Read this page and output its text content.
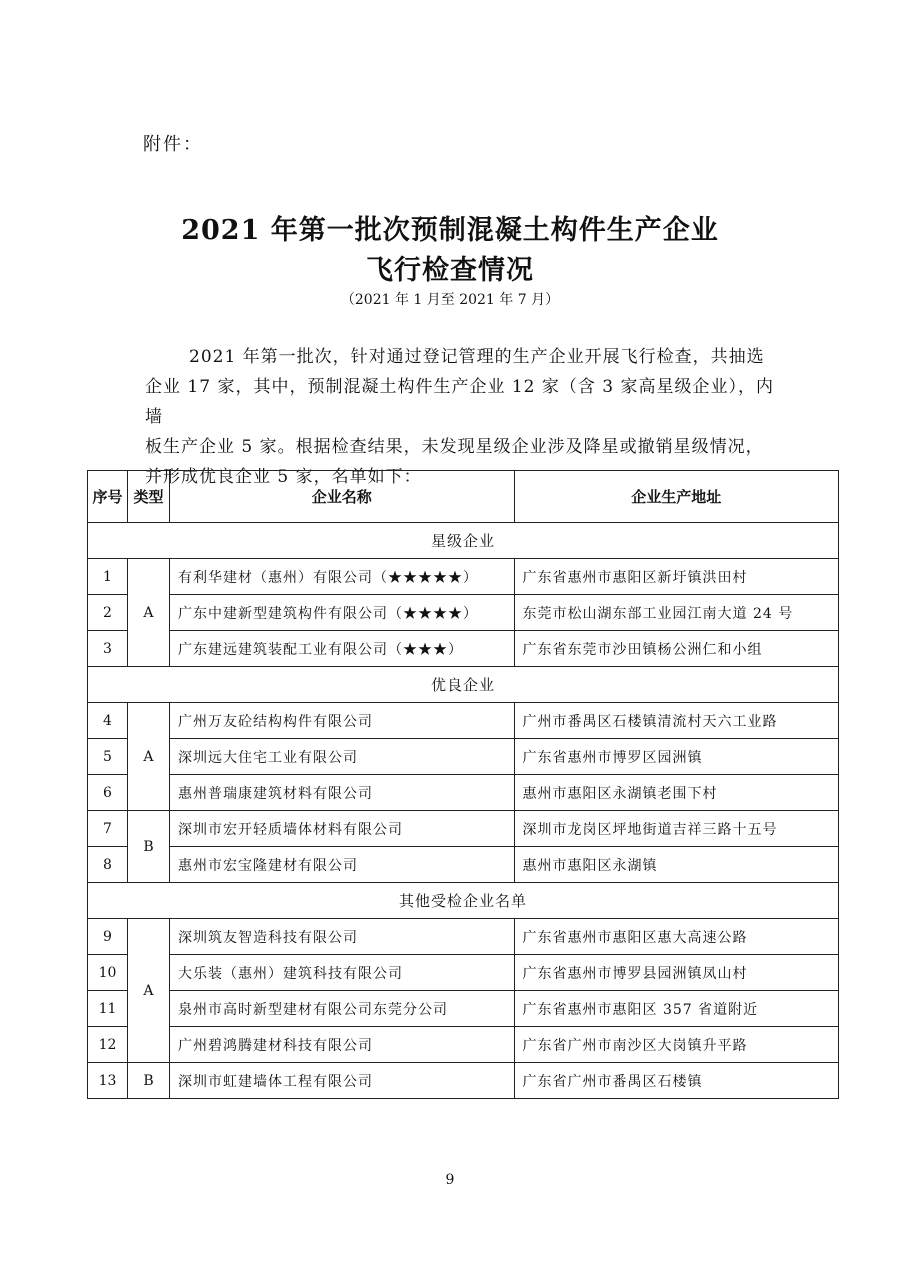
附件：
2021 年第一批次预制混凝土构件生产企业
飞行检查情况
（2021 年 1 月至 2021 年 7 月）

2021 年第一批次，针对通过登记管理的生产企业开展飞行检查，共抽选

企业 17 家，其中，预制混凝土构件生产企业 12 家（含 3 家高星级企业），内墙

板生产企业 5 家。根据检查结果，未发现星级企业涉及降星或撤销星级情况，

并形成优良企业 5 家，名单如下：

序号	类型	企业名称	企业生产地址
星级企业			
1	A	有利华建材（惠州）有限公司（★★★★★）	广东省惠州市惠阳区新圩镇洪田村
2		广东中建新型建筑构件有限公司（★★★★）	东莞市松山湖东部工业园江南大道 24 号
3		广东建远建筑装配工业有限公司（★★★）	广东省东莞市沙田镇杨公洲仁和小组
优良企业			
4	A	广州万友砼结构构件有限公司	广州市番禺区石楼镇清流村天六工业路
5		深圳远大住宅工业有限公司	广东省惠州市博罗区园洲镇
6		惠州普瑞康建筑材料有限公司	惠州市惠阳区永湖镇老围下村
7	B	深圳市宏开轻质墙体材料有限公司	深圳市龙岗区坪地街道吉祥三路十五号
8		惠州市宏宝隆建材有限公司	惠州市惠阳区永湖镇
其他受检企业名单			
9	A	深圳筑友智造科技有限公司	广东省惠州市惠阳区惠大高速公路
10		大乐装（惠州）建筑科技有限公司	广东省惠州市博罗县园洲镇凤山村
11		泉州市高时新型建材有限公司东莞分公司	广东省惠州市惠阳区 357 省道附近
12		广州碧鸿腾建材科技有限公司	广东省广州市南沙区大岗镇升平路
13	B	深圳市虹建墙体工程有限公司	广东省广州市番禺区石楼镇
9
